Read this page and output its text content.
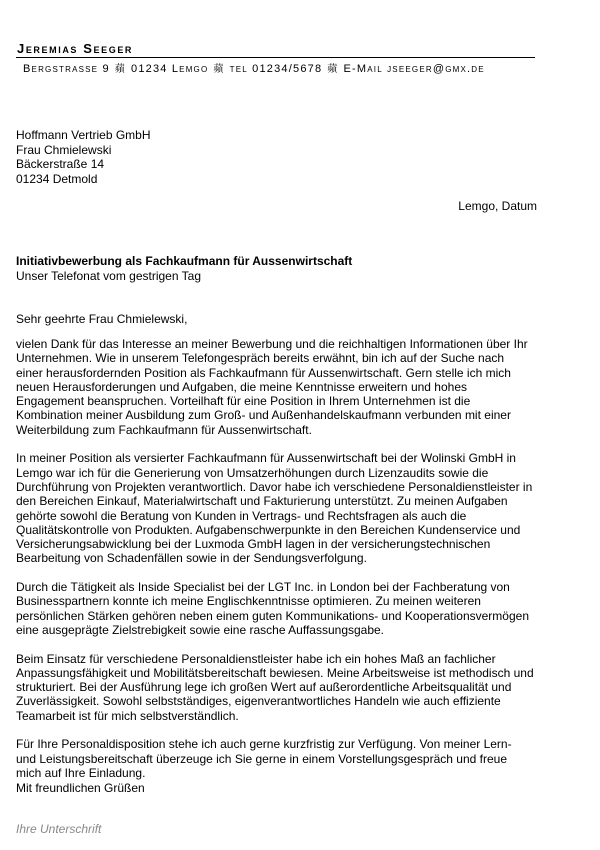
Jeremias Seeger
Bergstrasse 9 蘋 01234 Lemgo 蘋 tel 01234/5678 蘋 E-Mail jseeger@gmx.de
Hoffmann Vertrieb GmbH
Frau Chmielewski
Bäckerstraße 14
01234 Detmold
Lemgo, Datum
Initiativbewerbung als Fachkaufmann für Aussenwirtschaft
Unser Telefonat vom gestrigen Tag
Sehr geehrte Frau Chmielewski,

vielen Dank für das Interesse an meiner Bewerbung und die reichhaltigen Informationen über Ihr Unternehmen. Wie in unserem Telefongespräch bereits erwähnt, bin ich auf der Suche nach einer herausfordernden Position als Fachkaufmann für Aussenwirtschaft. Gern stelle ich mich neuen Herausforderungen und Aufgaben, die meine Kenntnisse erweitern und hohes Engagement beanspruchen. Vorteilhaft für eine Position in Ihrem Unternehmen ist die Kombination meiner Ausbildung zum Groß- und Außenhandelskaufmann verbunden mit einer Weiterbildung zum Fachkaufmann für Aussenwirtschaft.

In meiner Position als versierter Fachkaufmann für Aussenwirtschaft bei der Wolinski GmbH in Lemgo war ich für die Generierung von Umsatzerhöhungen durch Lizenzaudits sowie die Durchführung von Projekten verantwortlich. Davor habe ich verschiedene Personaldienstleister in den Bereichen Einkauf, Materialwirtschaft und Fakturierung unterstützt. Zu meinen Aufgaben gehörte sowohl die Beratung von Kunden in Vertrags- und Rechtsfragen als auch die Qualitätskontrolle von Produkten. Aufgabenschwerpunkte in den Bereichen Kundenservice und Versicherungsabwicklung bei der Luxmoda GmbH lagen in der versicherungstechnischen Bearbeitung von Schadenfällen sowie in der Sendungsverfolgung.

Durch die Tätigkeit als Inside Specialist bei der LGT Inc. in London bei der Fachberatung von Businesspartnern konnte ich meine Englischkenntnisse optimieren. Zu meinen weiteren persönlichen Stärken gehören neben einem guten Kommunikations- und Kooperationsvermögen eine ausgeprägte Zielstrebigkeit sowie eine rasche Auffassungsgabe.

Beim Einsatz für verschiedene Personaldienstleister habe ich ein hohes Maß an fachlicher Anpassungsfähigkeit und Mobilitätsbereitschaft bewiesen. Meine Arbeitsweise ist methodisch und strukturiert. Bei der Ausführung lege ich großen Wert auf außerordentliche Arbeitsqualität und Zuverlässigkeit. Sowohl selbstständiges, eigenverantwortliches Handeln wie auch effiziente Teamarbeit ist für mich selbstverständlich.

Für Ihre Personaldisposition stehe ich auch gerne kurzfristig zur Verfügung. Von meiner Lern- und Leistungsbereitschaft überzeuge ich Sie gerne in einem Vorstellungsgespräch und freue mich auf Ihre Einladung.

Mit freundlichen Grüßen
Ihre Unterschrift
